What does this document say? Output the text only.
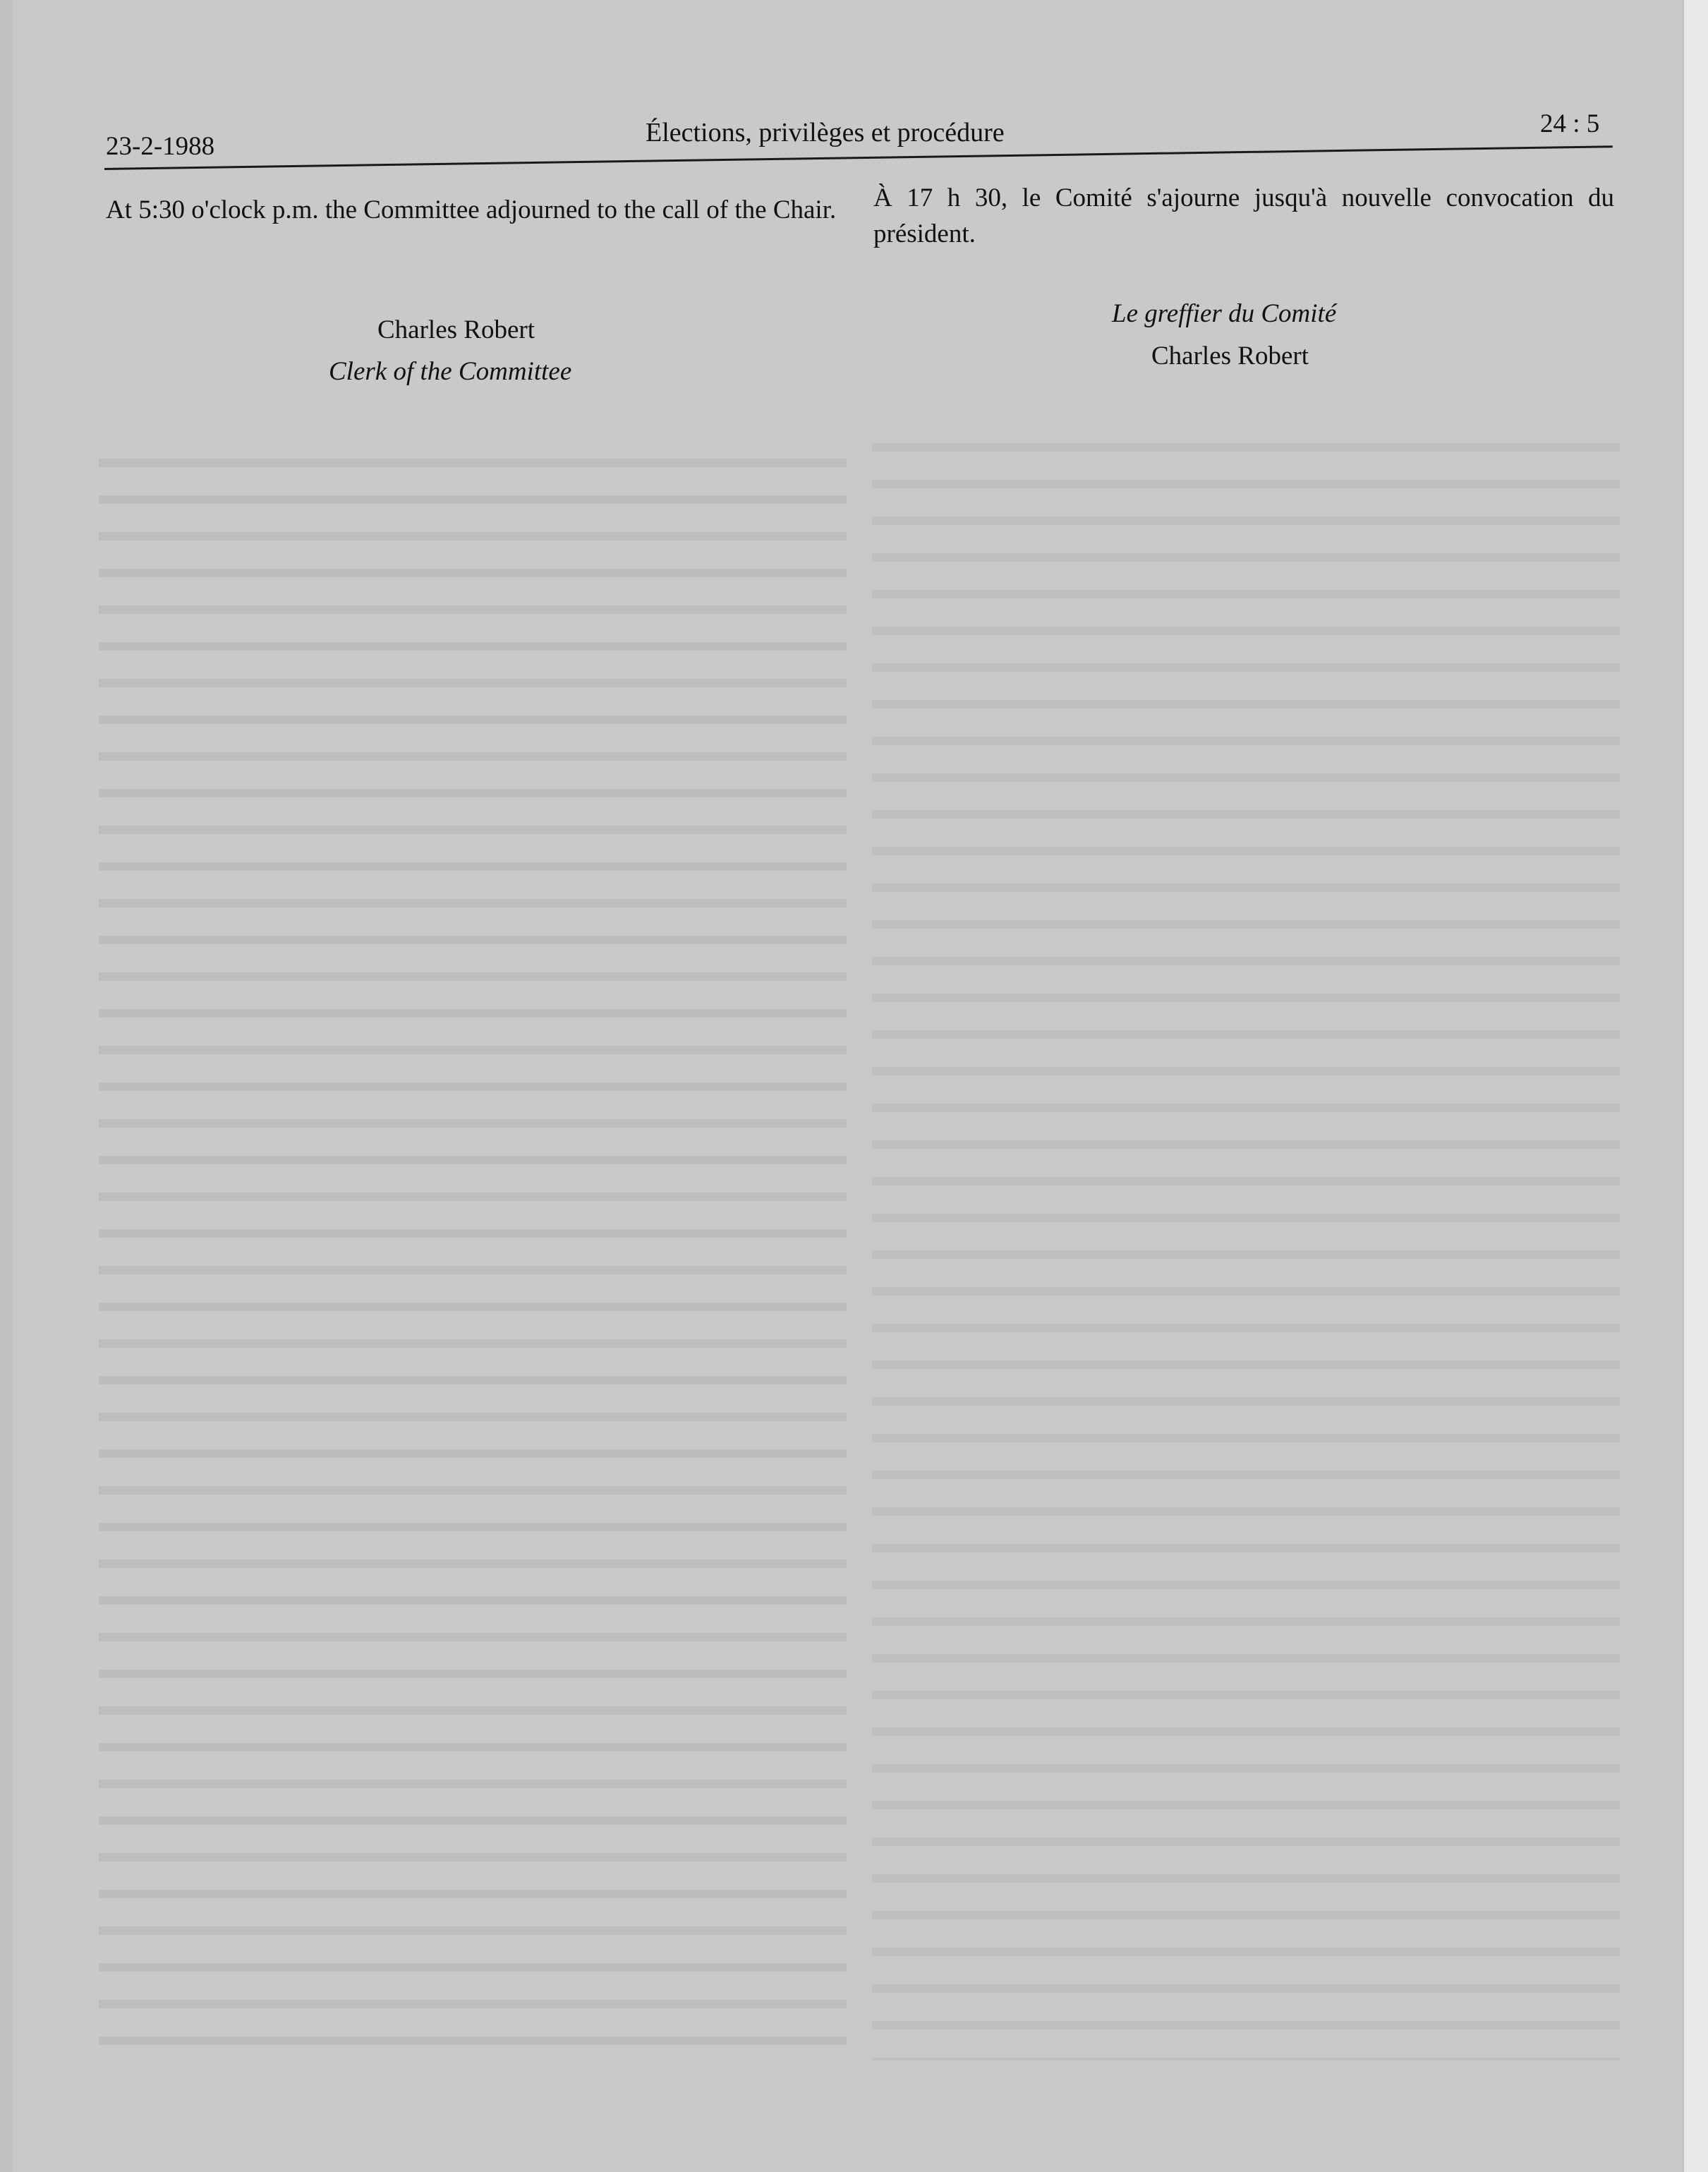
23-2-1988	Élections, privilèges et procédure	24 : 5
At 5:30 o'clock p.m. the Committee adjourned to the call of the Chair.
Charles Robert
Clerk of the Committee
À 17 h 30, le Comité s'ajourne jusqu'à nouvelle convocation du président.
Le greffier du Comité
Charles Robert
